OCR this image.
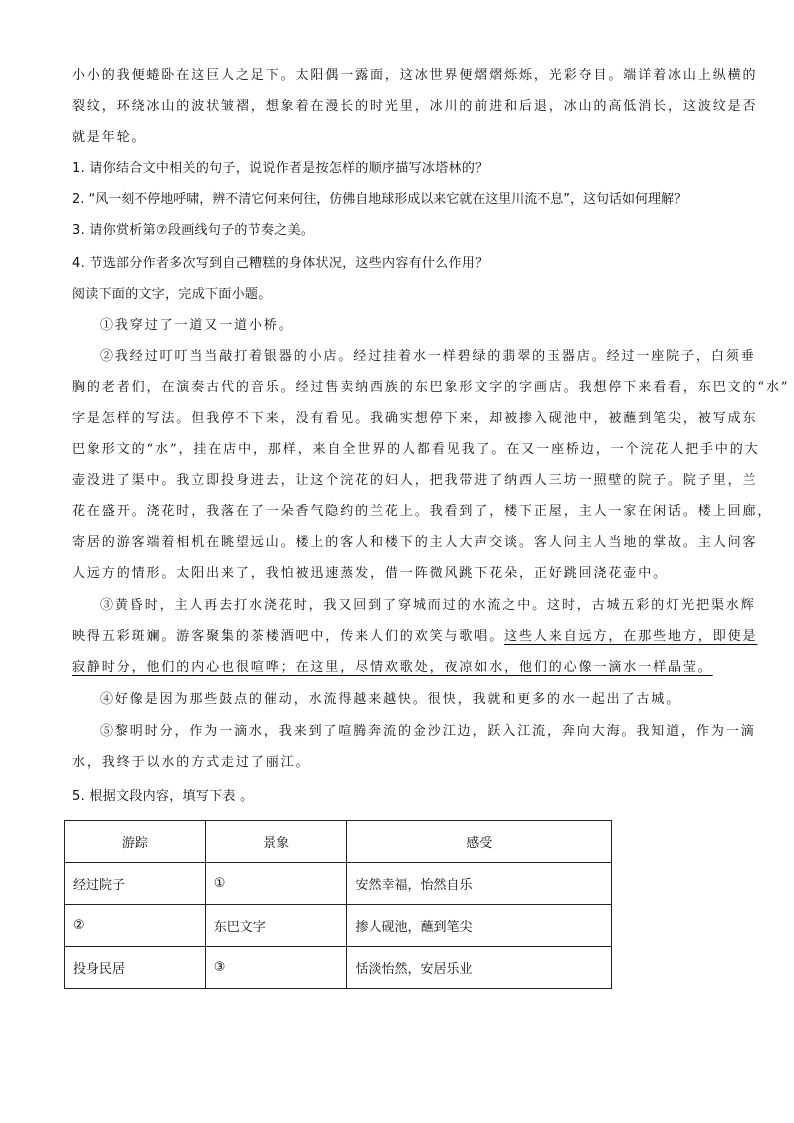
小小的我便蜷卧在这巨人之足下。太阳偶一露面，这冰世界便熠熠烁烁，光彩夺目。端详着冰山上纵横的
裂纹，环绕冰山的波状皱褶，想象着在漫长的时光里，冰川的前进和后退，冰山的高低消长，这波纹是否
就是年轮。
1. 请你结合文中相关的句子，说说作者是按怎样的顺序描写冰塔林的？
2. “风一刻不停地呼啸，辨不清它何来何往，仿佛自地球形成以来它就在这里川流不息”，这句话如何理解？
3. 请你赏析第⑦段画线句子的节奏之美。
4. 节选部分作者多次写到自己糟糕的身体状况，这些内容有什么作用？
阅读下面的文字，完成下面小题。
①我穿过了一道又一道小桥。
②我经过叮叮当当敲打着银器的小店。经过挂着水一样碧绿的翡翠的玉器店。经过一座院子，白须垂
胸的老者们，在演奏古代的音乐。经过售卖纳西族的东巴象形文字的字画店。我想停下来看看，东巴文的“水”
字是怎样的写法。但我停不下来，没有看见。我确实想停下来，却被掺入砚池中，被蘸到笔尖，被写成东
巴象形文的“水”，挂在店中，那样，来自全世界的人都看见我了。在又一座桥边，一个浣花人把手中的大
壶没进了渠中。我立即投身进去，让这个浣花的妇人，把我带进了纳西人三坊一照壁的院子。院子里，兰
花在盛开。浇花时，我落在了一朵香气隐约的兰花上。我看到了，楼下正屋，主人一家在闲话。楼上回廊，
寄居的游客端着相机在眺望远山。楼上的客人和楼下的主人大声交谈。客人问主人当地的掌故。主人问客
人远方的情形。太阳出来了，我怕被迅速蒸发，借一阵微风跳下花朵，正好跳回浇花壶中。
③黄昏时，主人再去打水浇花时，我又回到了穿城而过的水流之中。这时，古城五彩的灯光把渠水辉
映得五彩斑斓。游客聚集的茶楼酒吧中，传来人们的欢笑与歌唱。这些人来自远方，在那些地方，即使是
寂静时分，他们的内心也很喧哗；在这里，尽情欢歌处，夜凉如水，他们的心像一滴水一样晶莹。
④好像是因为那些鼓点的催动，水流得越来越快。很快，我就和更多的水一起出了古城。
⑤黎明时分，作为一滴水，我来到了喧腾奔流的金沙江边，跃入江流，奔向大海。我知道，作为一滴
水，我终于以水的方式走过了丽江。
5. 根据文段内容，填写下表 。
游踪	景象	感受
经过院子	①	安然幸福，怡然自乐
②	东巴文字	掺人砚池，蘸到笔尖
投身民居	③	恬淡怡然，安居乐业
